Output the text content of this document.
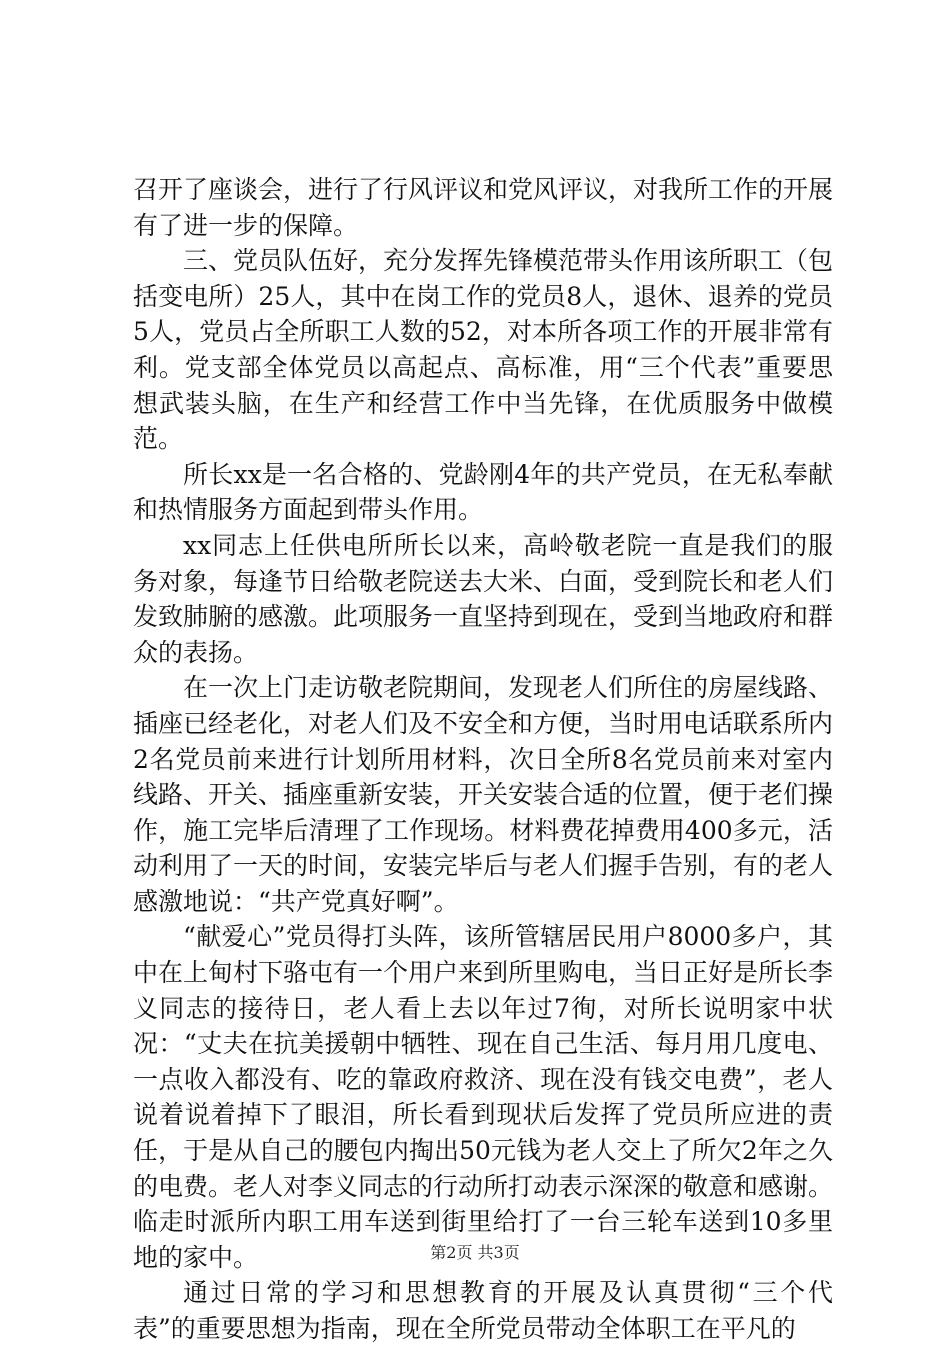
召开了座谈会，进行了行风评议和党风评议，对我所工作的开展有了进一步的保障。

三、党员队伍好，充分发挥先锋模范带头作用该所职工（包括变电所）25人，其中在岗工作的党员8人，退休、退养的党员5人，党员占全所职工人数的52，对本所各项工作的开展非常有利。党支部全体党员以高起点、高标准，用“三个代表”重要思想武装头脑，在生产和经营工作中当先锋，在优质服务中做模范。

所长xx是一名合格的、党龄刚4年的共产党员，在无私奉献和热情服务方面起到带头作用。

xx同志上任供电所所长以来，高岭敬老院一直是我们的服务对象，每逢节日给敬老院送去大米、白面，受到院长和老人们发致肺腑的感激。此项服务一直坚持到现在，受到当地政府和群众的表扬。

在一次上门走访敬老院期间，发现老人们所住的房屋线路、插座已经老化，对老人们及不安全和方便，当时用电话联系所内2名党员前来进行计划所用材料，次日全所8名党员前来对室内线路、开关、插座重新安装，开关安装合适的位置，便于老们操作，施工完毕后清理了工作现场。材料费花掉费用400多元，活动利用了一天的时间，安装完毕后与老人们握手告别，有的老人感激地说：“共产党真好啊”。

“献爱心”党员得打头阵，该所管辖居民用户8000多户，其中在上甸村下骆屯有一个用户来到所里购电，当日正好是所长李义同志的接待日，老人看上去以年过7徇，对所长说明家中状况：“丈夫在抗美援朝中牺牲、现在自己生活、每月用几度电、一点收入都没有、吃的靠政府救济、现在没有钱交电费”，老人说着说着掉下了眼泪，所长看到现状后发挥了党员所应进的责任，于是从自己的腰包内掏出50元钱为老人交上了所欠2年之久的电费。老人对李义同志的行动所打动表示深深的敬意和感谢。临走时派所内职工用车送到街里给打了一台三轮车送到10多里地的家中。

通过日常的学习和思想教育的开展及认真贯彻“三个代表”的重要思想为指南，现在全所党员带动全体职工在平凡的

第2页 共3页
